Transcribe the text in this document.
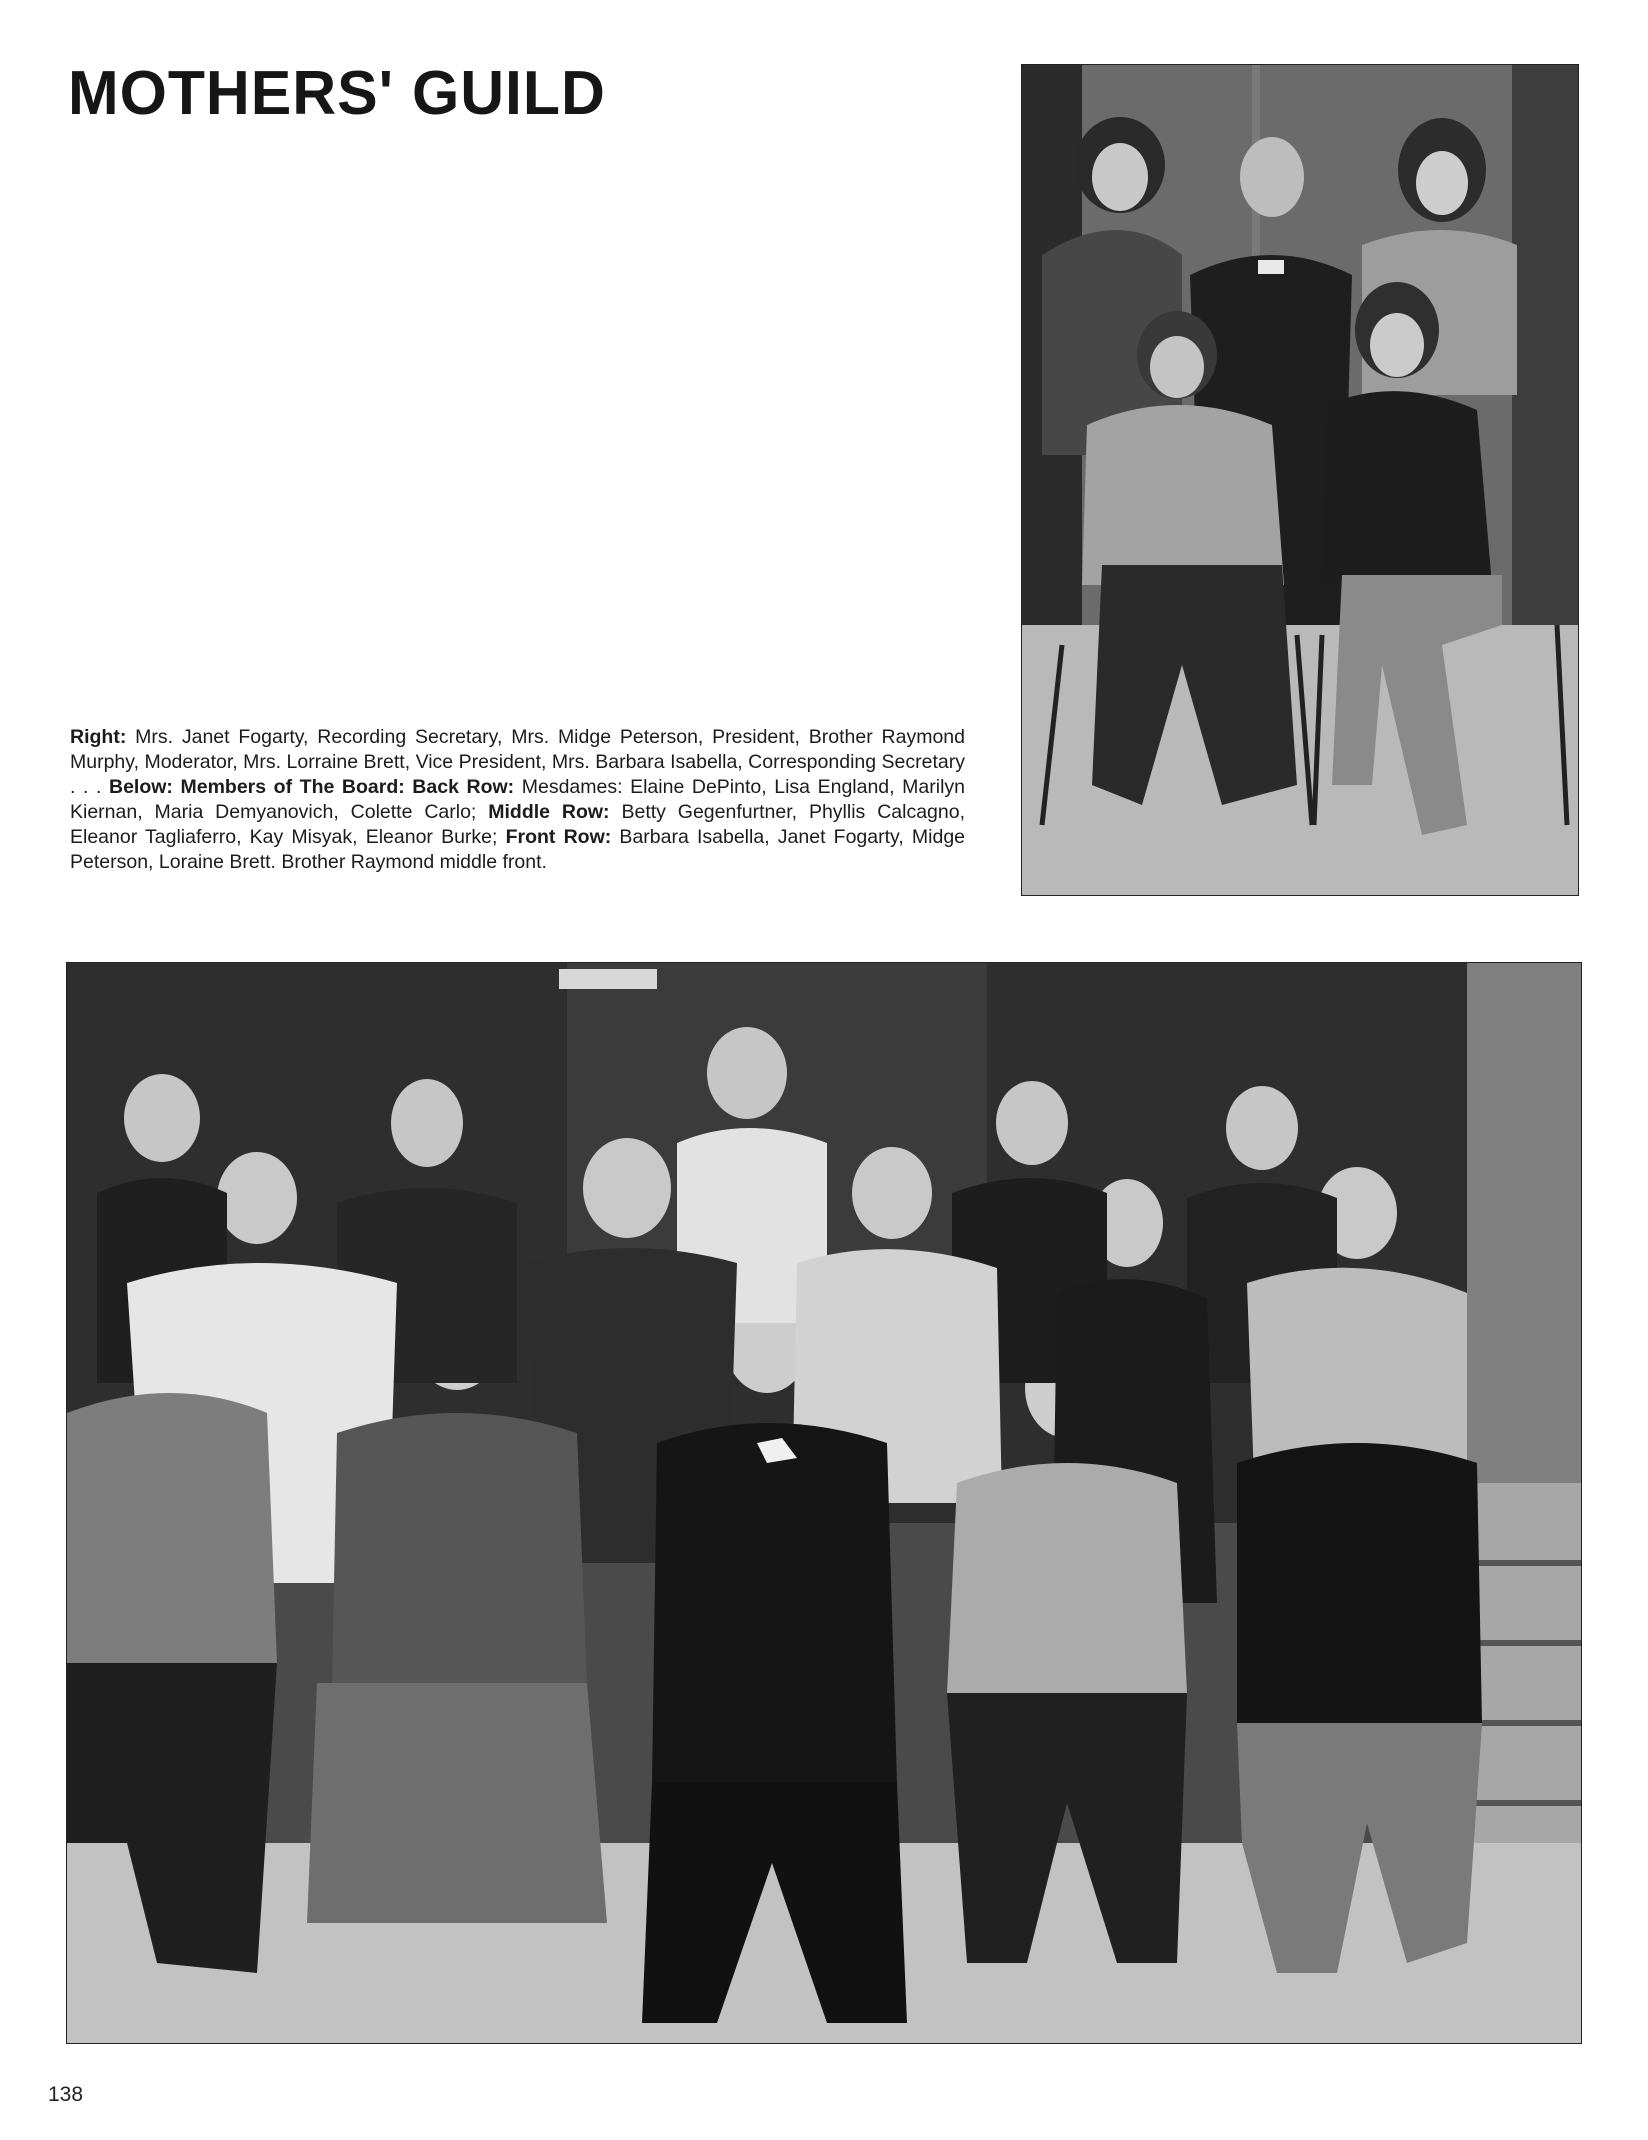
MOTHERS' GUILD

Right: Mrs. Janet Fogarty, Recording Secretary, Mrs. Midge Peterson, President, Brother Raymond Murphy, Moderator, Mrs. Lorraine Brett, Vice President, Mrs. Barbara Isabella, Corresponding Secretary . . . Below: Members of The Board: Back Row: Mesdames: Elaine DePinto, Lisa England, Marilyn Kiernan, Maria Demyanovich, Colette Carlo; Middle Row: Betty Gegenfurtner, Phyllis Calcagno, Eleanor Tagliaferro, Kay Misyak, Eleanor Burke; Front Row: Barbara Isabella, Janet Fogarty, Midge Peterson, Loraine Brett. Brother Raymond middle front.

138
